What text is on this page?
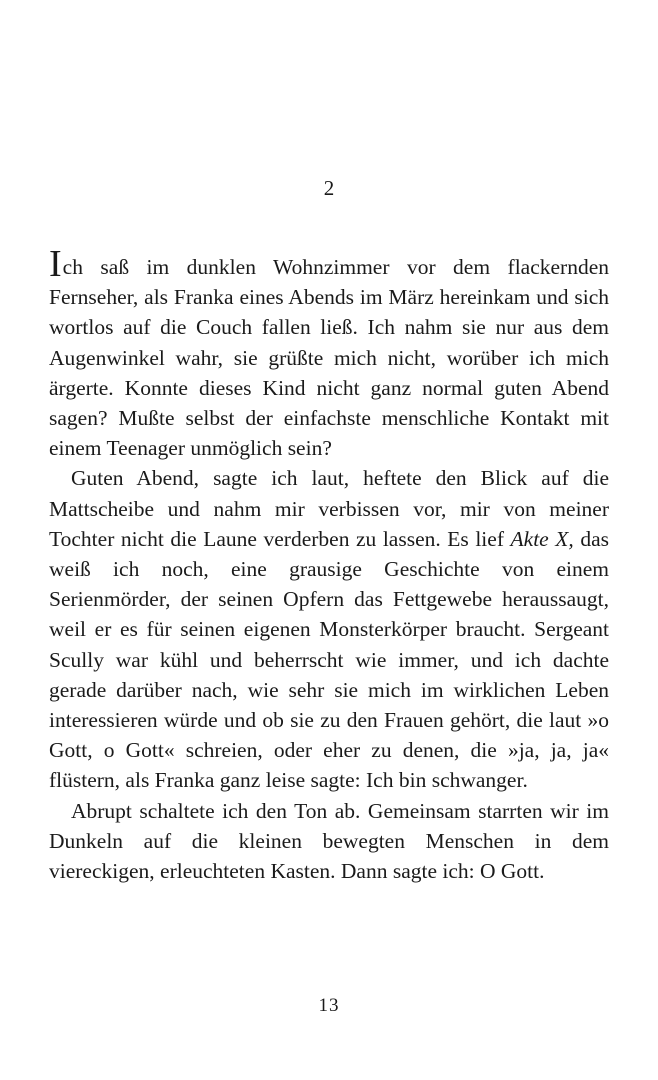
2

Ich saß im dunklen Wohnzimmer vor dem flackernden Fernseher, als Franka eines Abends im März hereinkam und sich wortlos auf die Couch fallen ließ. Ich nahm sie nur aus dem Augenwinkel wahr, sie grüßte mich nicht, worüber ich mich ärgerte. Konnte dieses Kind nicht ganz normal guten Abend sagen? Mußte selbst der einfachste menschliche Kontakt mit einem Teenager unmöglich sein?

Guten Abend, sagte ich laut, heftete den Blick auf die Mattscheibe und nahm mir verbissen vor, mir von meiner Tochter nicht die Laune verderben zu lassen. Es lief Akte X, das weiß ich noch, eine grausige Geschichte von einem Serienmörder, der seinen Opfern das Fettgewebe heraussaugt, weil er es für seinen eigenen Monsterkörper braucht. Sergeant Scully war kühl und beherrscht wie immer, und ich dachte gerade darüber nach, wie sehr sie mich im wirklichen Leben interessieren würde und ob sie zu den Frauen gehört, die laut »o Gott, o Gott« schreien, oder eher zu denen, die »ja, ja, ja« flüstern, als Franka ganz leise sagte: Ich bin schwanger.

Abrupt schaltete ich den Ton ab. Gemeinsam starrten wir im Dunkeln auf die kleinen bewegten Menschen in dem viereckigen, erleuchteten Kasten. Dann sagte ich: O Gott.

13
